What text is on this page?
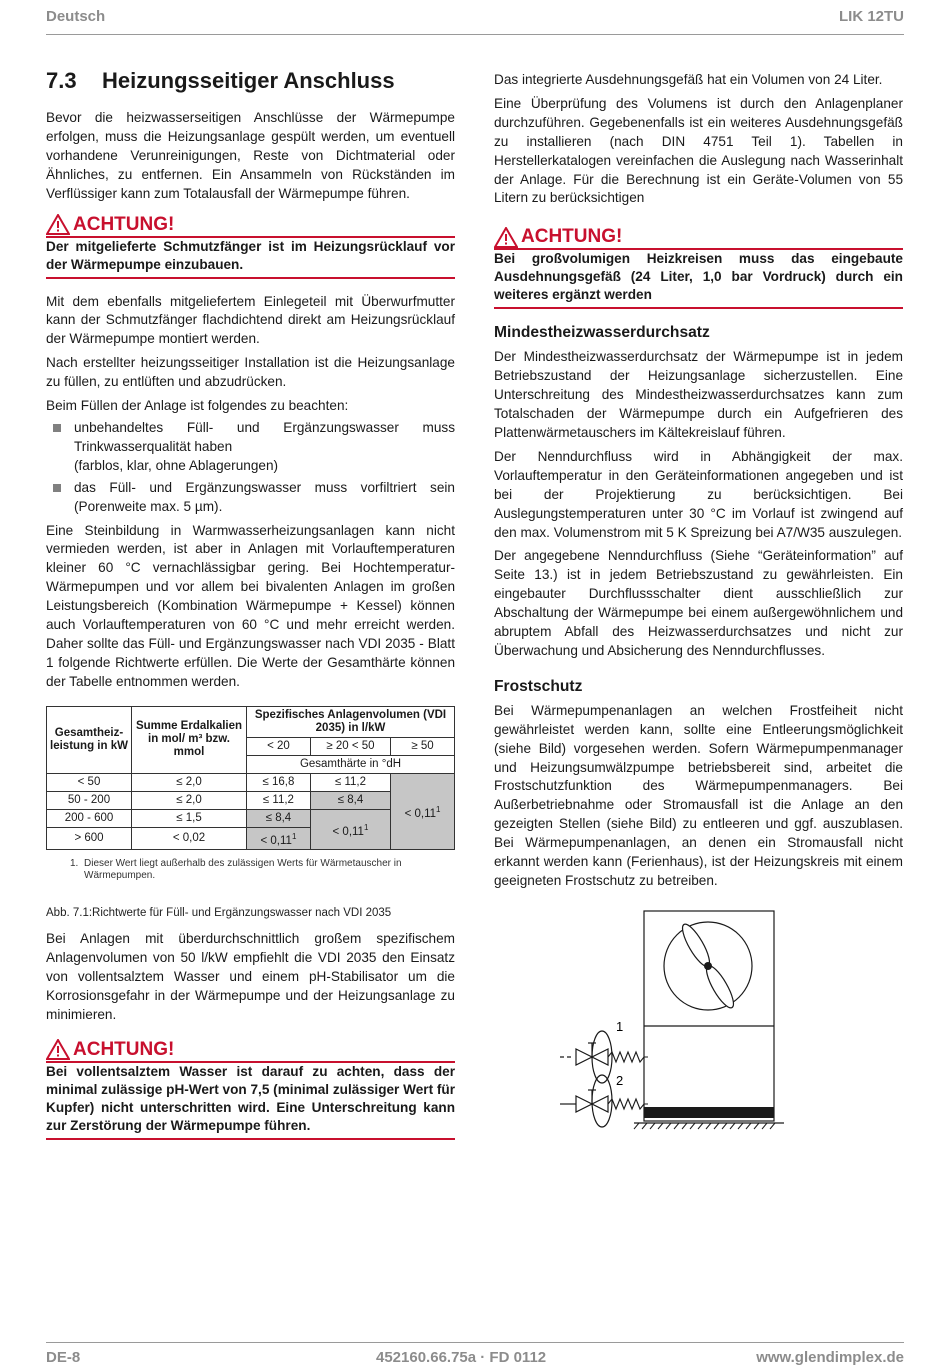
Deutsch	LIK 12TU
7.3 Heizungsseitiger Anschluss

Bevor die heizwasserseitigen Anschlüsse der Wärmepumpe erfolgen, muss die Heizungsanlage gespült werden, um eventuell vorhandene Verunreinigungen, Reste von Dichtmaterial oder Ähnliches, zu entfernen. Ein Ansammeln von Rückständen im Verflüssiger kann zum Totalausfall der Wärmepumpe führen.

ACHTUNG!
Der mitgelieferte Schmutzfänger ist im Heizungsrücklauf vor der Wärmepumpe einzubauen.

Mit dem ebenfalls mitgeliefertem Einlegeteil mit Überwurfmutter kann der Schmutzfänger flachdichtend direkt am Heizungsrücklauf der Wärmepumpe montiert werden.

Nach erstellter heizungsseitiger Installation ist die Heizungsanlage zu füllen, zu entlüften und abzudrücken.

Beim Füllen der Anlage ist folgendes zu beachten:

unbehandeltes Füll- und Ergänzungswasser muss Trinkwasserqualität haben
(farblos, klar, ohne Ablagerungen)
das Füll- und Ergänzungswasser muss vorfiltriert sein (Porenweite max. 5 µm).

Eine Steinbildung in Warmwasserheizungsanlagen kann nicht vermieden werden, ist aber in Anlagen mit Vorlauftemperaturen kleiner 60 °C vernachlässigbar gering. Bei Hochtemperatur-Wärmepumpen und vor allem bei bivalenten Anlagen im großen Leistungsbereich (Kombination Wärmepumpe + Kessel) können auch Vorlauftemperaturen von 60 °C und mehr erreicht werden. Daher sollte das Füll- und Ergänzungswasser nach VDI 2035 - Blatt 1 folgende Richtwerte erfüllen. Die Werte der Gesamthärte können der Tabelle entnommen werden.

Gesamtheiz-leistung in kW	Summe Erdalkalien in mol/ m³ bzw. mmol	Spezifisches Anlagenvolumen (VDI 2035) in l/kW		
		< 20	≥ 20 < 50	≥ 50
		Gesamthärte in °dH		
< 50	≤ 2,0	≤ 16,8	≤ 11,2	< $0,11^1$
50 - 200	≤ 2,0	≤ 11,2	≤ 8,4	
200 - 600	≤ 1,5	≤ 8,4	< $0,11^1$
> 600	< 0,02	< $0,11^1$
1. Dieser Wert liegt außerhalb des zulässigen Werts für Wärmetauscher in Wärmepumpen.
Abb. 7.1:Richtwerte für Füll- und Ergänzungswasser nach VDI 2035

Bei Anlagen mit überdurchschnittlich großem spezifischem Anlagenvolumen von 50 l/kW empfiehlt die VDI 2035 den Einsatz von vollentsalztem Wasser und einem pH-Stabilisator um die Korrosionsgefahr in der Wärmepumpe und der Heizungsanlage zu minimieren.

ACHTUNG!
Bei vollentsalztem Wasser ist darauf zu achten, dass der minimal zulässige pH-Wert von 7,5 (minimal zulässiger Wert für Kupfer) nicht unterschritten wird. Eine Unterschreitung kann zur Zerstörung der Wärmepumpe führen.

Das integrierte Ausdehnungsgefäß hat ein Volumen von 24 Liter.

Eine Überprüfung des Volumens ist durch den Anlagenplaner durchzuführen. Gegebenenfalls ist ein weiteres Ausdehnungsgefäß zu installieren (nach DIN 4751 Teil 1). Tabellen in Herstellerkatalogen vereinfachen die Auslegung nach Wasserinhalt der Anlage. Für die Berechnung ist ein Geräte-Volumen von 55 Litern zu berücksichtigen

ACHTUNG!
Bei großvolumigen Heizkreisen muss das eingebaute Ausdehnungsgefäß (24 Liter, 1,0 bar Vordruck) durch ein weiteres ergänzt werden
Mindestheizwasserdurchsatz

Der Mindestheizwasserdurchsatz der Wärmepumpe ist in jedem Betriebszustand der Heizungsanlage sicherzustellen. Eine Unterschreitung des Mindestheizwasserdurchsatzes kann zum Totalschaden der Wärmepumpe durch ein Aufgefrieren des Plattenwärmetauschers im Kältekreislauf führen.

Der Nenndurchfluss wird in Abhängigkeit der max. Vorlauftemperatur in den Geräteinformationen angegeben und ist bei der Projektierung zu berücksichtigen. Bei Auslegungstemperaturen unter 30 °C im Vorlauf ist zwingend auf den max. Volumenstrom mit 5 K Spreizung bei A7/W35 auszulegen.

Der angegebene Nenndurchfluss (Siehe “Geräteinformation” auf Seite 13.) ist in jedem Betriebszustand zu gewährleisten. Ein eingebauter Durchflussschalter dient ausschließlich zur Abschaltung der Wärmepumpe bei einem außergewöhnlichem und abruptem Abfall des Heizwasserdurchsatzes und nicht zur Überwachung und Absicherung des Nenndurchflusses.

Frostschutz

Bei Wärmepumpenanlagen an welchen Frostfeiheit nicht gewährleistet werden kann, sollte eine Entleerungsmöglichkeit (siehe Bild) vorgesehen werden. Sofern Wärmepumpenmanager und Heizungsumwälzpumpe betriebsbereit sind, arbeitet die Frostschutzfunktion des Wärmepumpenmanagers. Bei Außerbetriebnahme oder Stromausfall ist die Anlage an den gezeigten Stellen (siehe Bild) zu entleeren und ggf. auszublasen. Bei Wärmepumpenanlagen, an denen ein Stromausfall nicht erkannt werden kann (Ferienhaus), ist der Heizungskreis mit einem geeigneten Frostschutz zu betreiben.

1
2
DE-8	452160.66.75a · FD 0112	www.glendimplex.de
